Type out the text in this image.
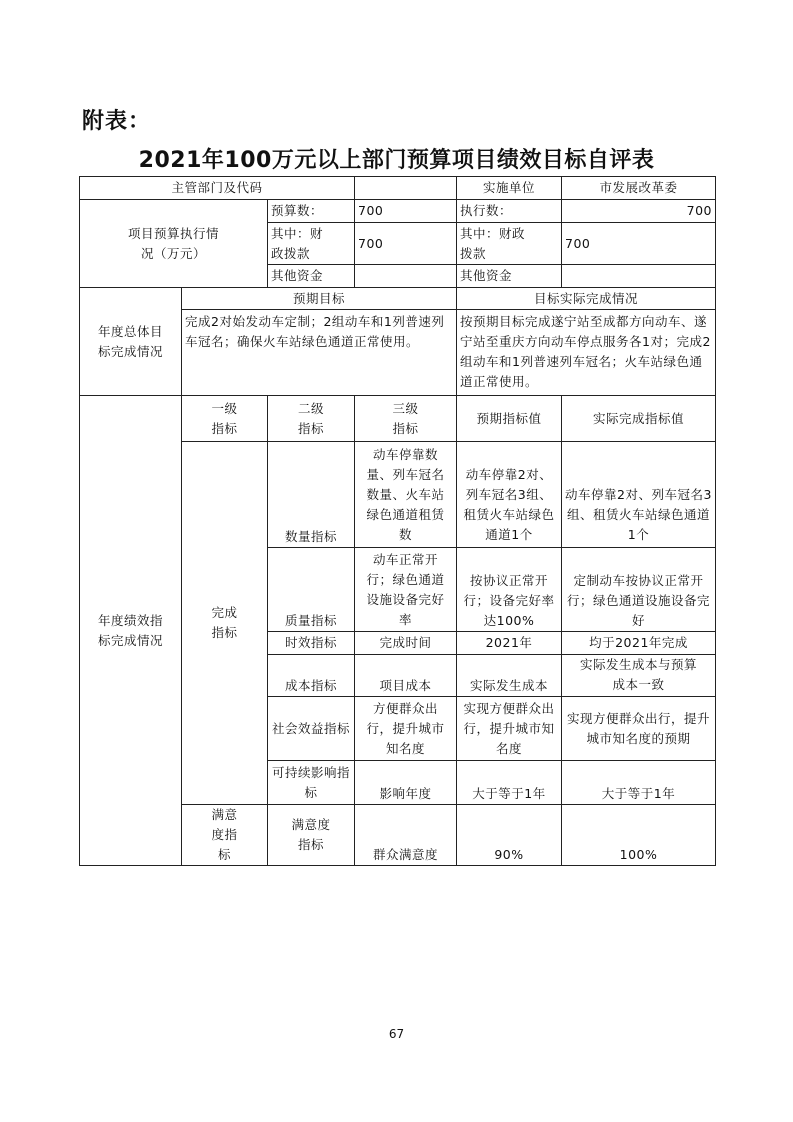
附表：
2021年100万元以上部门预算项目绩效目标自评表
主管部门及代码				实施单位	市发展改革委
项目预算执行情况（万元）		预算数：	700	执行数：	700
		其中：财政拨款	700	其中：财政拨款	700
		其他资金		其他资金	
年度总体目标完成情况	预期目标			目标实际完成情况	
	完成2对始发动车定制；2组动车和1列普速列车冠名；确保火车站绿色通道正常使用。			按预期目标完成遂宁站至成都方向动车、遂宁站至重庆方向动车停点服务各1对；完成2组动车和1列普速列车冠名；火车站绿色通道正常使用。	
年度绩效指标完成情况	一级指标	二级指标	三级指标	预期指标值	实际完成指标值
	完成指标	数量指标	动车停靠数量、列车冠名数量、火车站绿色通道租赁数	动车停靠2对、列车冠名3组、租赁火车站绿色通道1个	动车停靠2对、列车冠名3组、租赁火车站绿色通道1个
		质量指标	动车正常开行；绿色通道设施设备完好率	按协议正常开行；设备完好率达100%	定制动车按协议正常开行；绿色通道设施设备完好
		时效指标	完成时间	2021年	均于2021年完成
		成本指标	项目成本	实际发生成本	实际发生成本与预算成本一致
		社会效益指标	方便群众出行，提升城市知名度	实现方便群众出行，提升城市知名度	实现方便群众出行，提升城市知名度的预期
		可持续影响指标	影响年度	大于等于1年	大于等于1年

	满意度指标	满意度指标	群众满意度	90%	100%
67
